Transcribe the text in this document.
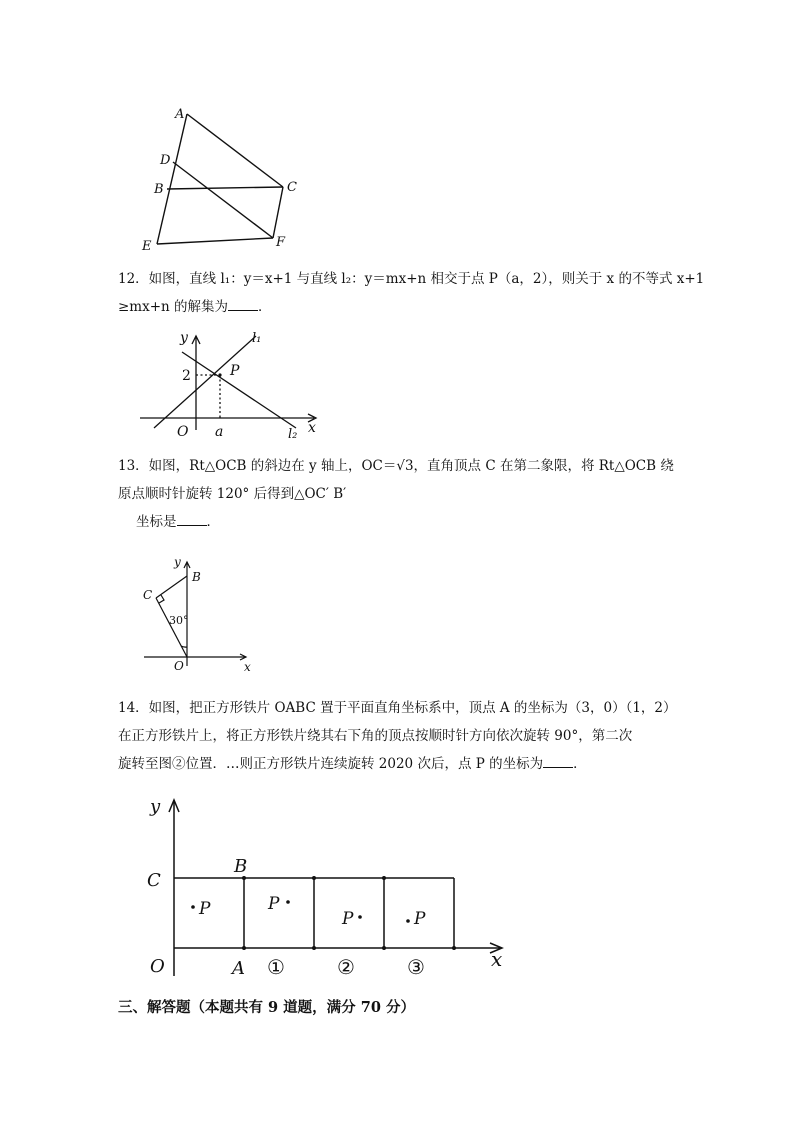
A
D
B	C
E	F

12．如图，直线 l₁：y＝x+1 与直线 l₂：y＝mx+n 相交于点 P（a，2），则关于 x 的不等式 x+1

≥mx+n 的解集为 ．

y
x
O
2
a
P
l₁
l₂

13．如图，Rt△OCB 的斜边在 y 轴上，OC＝√3，直角顶点 C 在第二象限，将 Rt△OCB 绕

原点顺时针旋转 120° 后得到△OC′ B′

坐标是 ．

y
x
B
C
O
30°

14．如图，把正方形铁片 OABC 置于平面直角坐标系中，顶点 A 的坐标为（3，0）（1，2）

在正方形铁片上，将正方形铁片绕其右下角的顶点按顺时针方向依次旋转 90°，第二次

旋转至图②位置．…则正方形铁片连续旋转 2020 次后，点 P 的坐标为 ．

y
x
O
C
B
A
P	P
P	P
①	②	③
三、解答题（本题共有 9 道题，满分 70 分）
